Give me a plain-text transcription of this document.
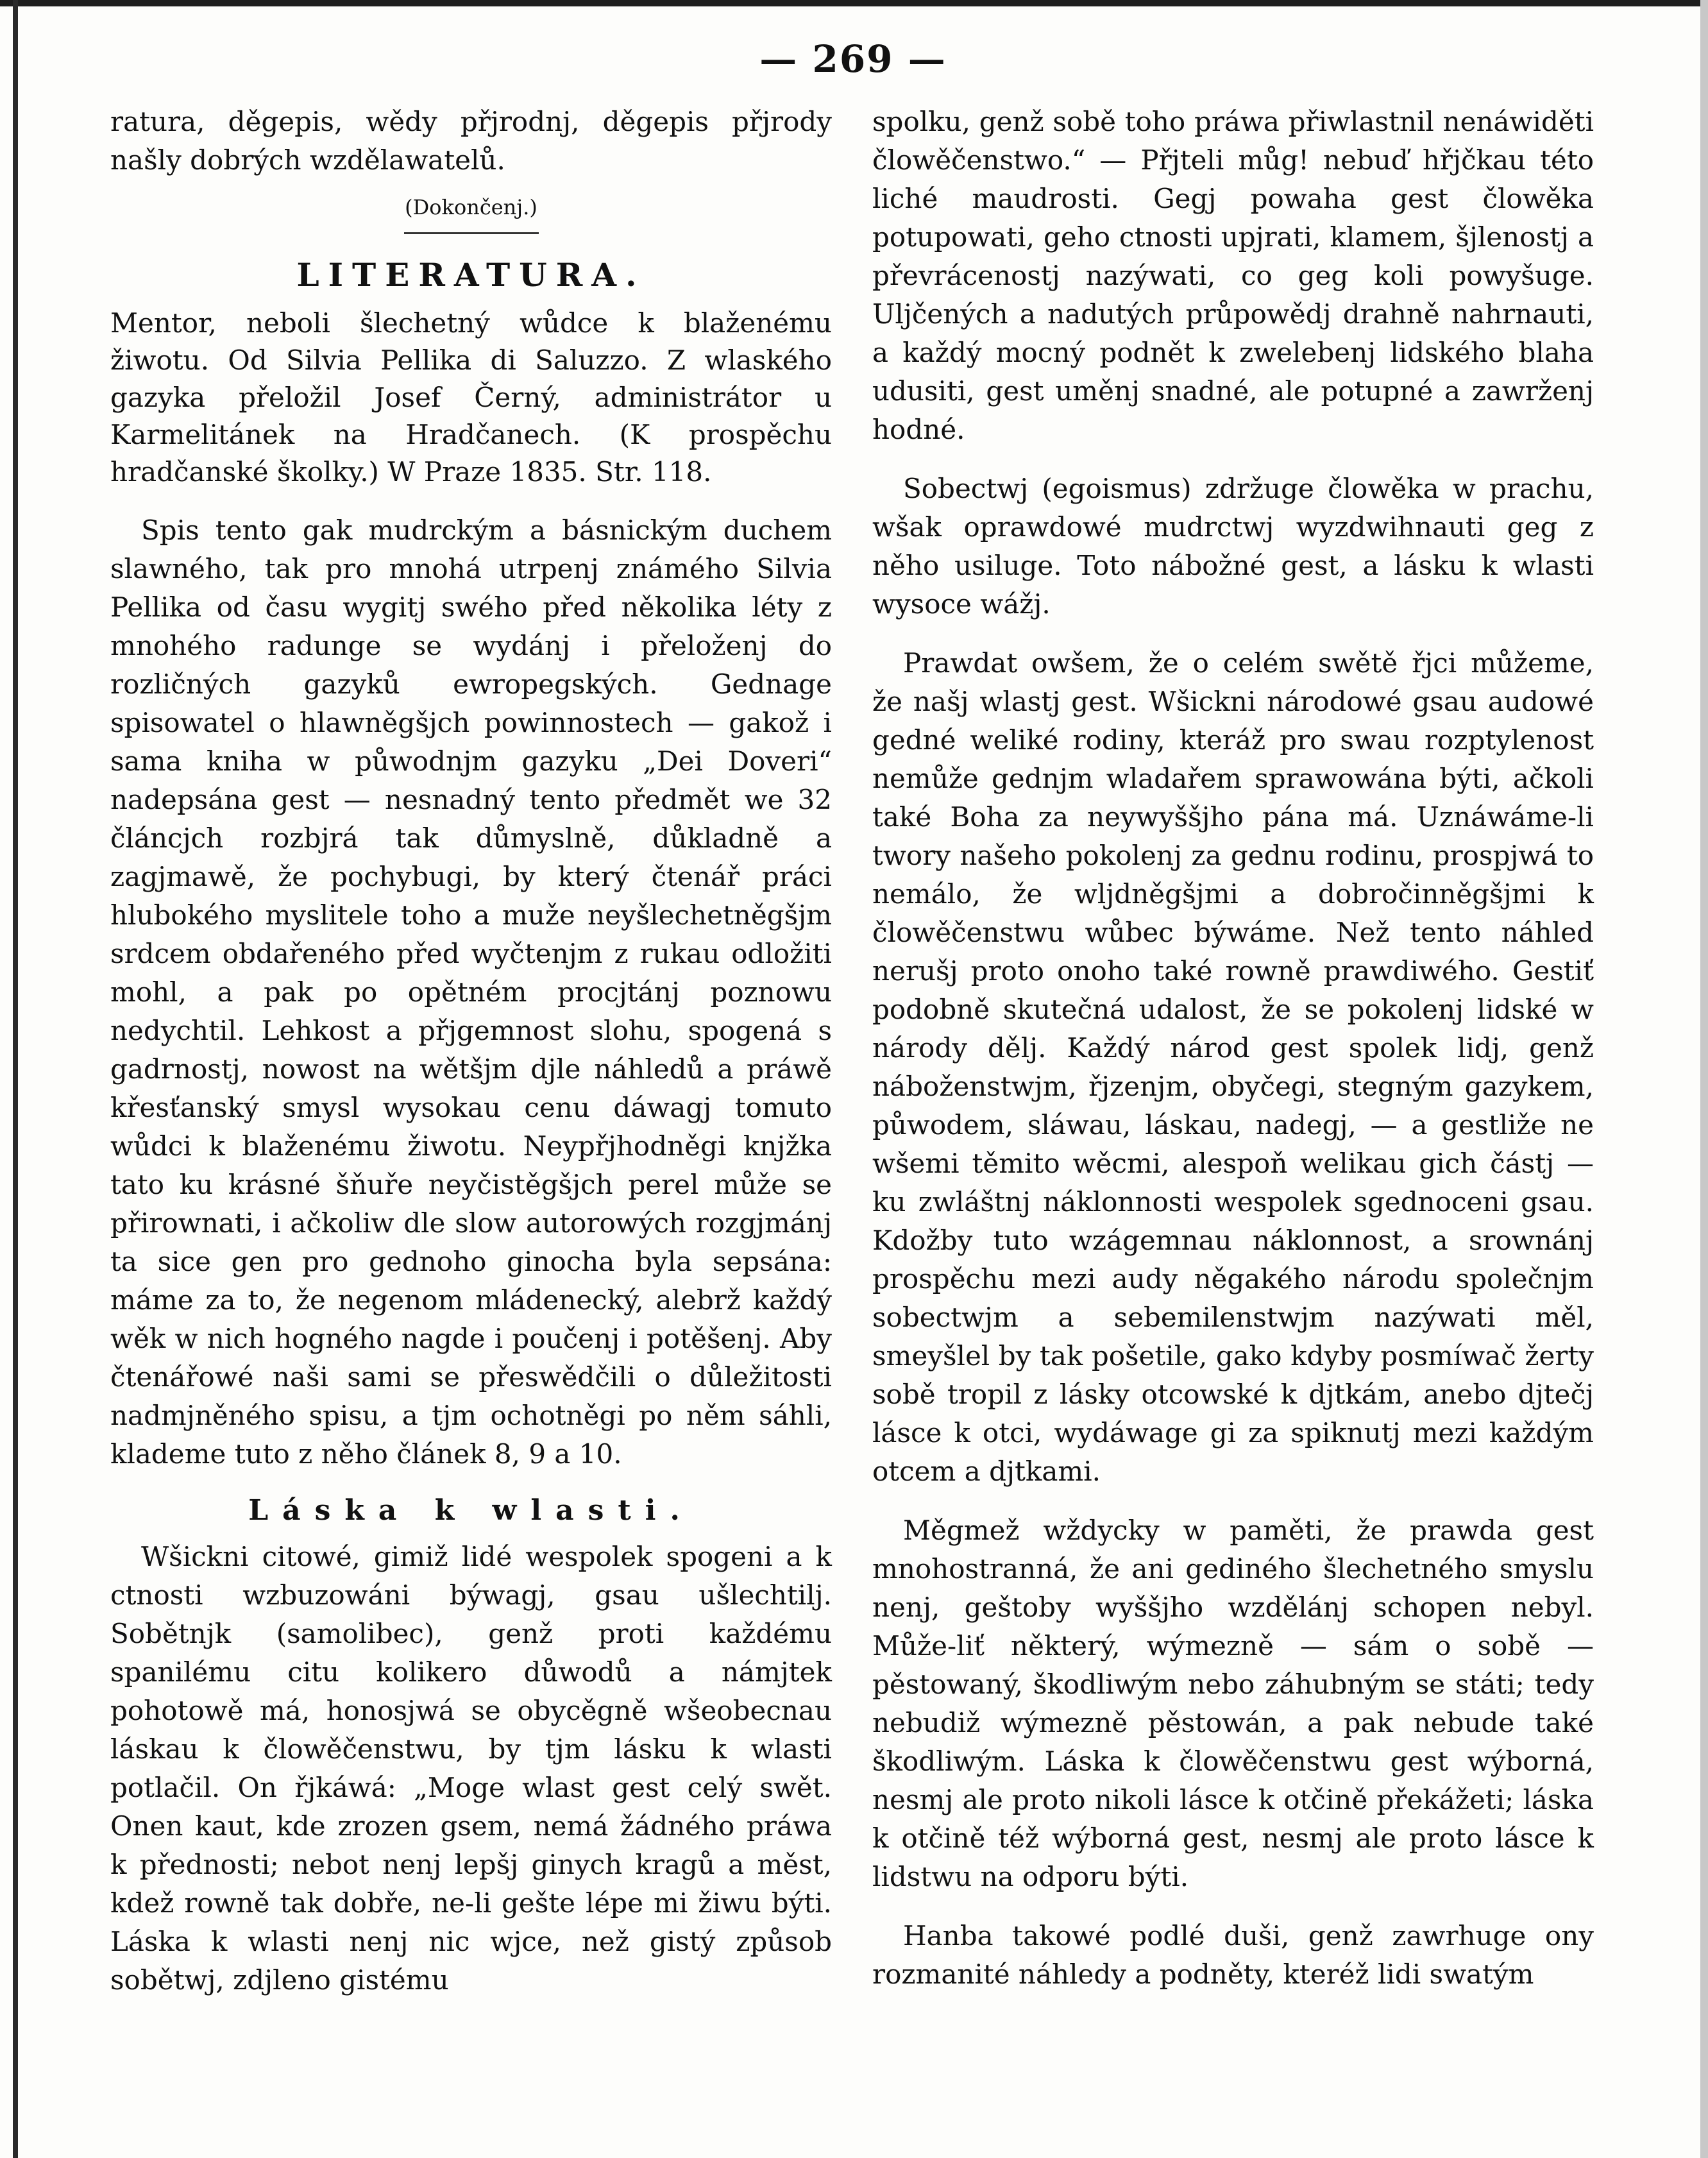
— 269 —

ratura, děgepis, wědy přjrodnj, děgepis přjrody našly dobrých wzdělawatelů.

(Dokončenj.)

LITERATURA.

Mentor, neboli šlechetný wůdce k blaženému žiwotu. Od Silvia Pellika di Saluzzo. Z wlaského gazyka přeložil Josef Černý, administrátor u Karmelitánek na Hradčanech. (K prospěchu hradčanské školky.) W Praze 1835. Str. 118.

Spis tento gak mudrckým a básnickým duchem slawného, tak pro mnohá utrpenj známého Silvia Pellika od času wygitj swého před několika léty z mnohého radunge se wydánj i přeloženj do rozličných gazyků ewropegských. Gednage spisowatel o hlawněgšjch powinnostech — gakož i sama kniha w půwodnjm gazyku „Dei Doveri“ nadepsána gest — nesnadný tento předmět we 32 článcjch rozbjrá tak důmyslně, důkladně a zagjmawě, že pochybugi, by který čtenář práci hlubokého myslitele toho a muže neyšlechetněgšjm srdcem obdařeného před wyčtenjm z rukau odložiti mohl, a pak po opětném procjtánj poznowu nedychtil. Lehkost a přjgemnost slohu, spogená s gadrnostj, nowost na wětšjm djle náhledů a práwě křesťanský smysl wysokau cenu dáwagj tomuto wůdci k blaženému žiwotu. Neypřjhodněgi knjžka tato ku krásné šňuře neyčistěgšjch perel může se přirownati, i ačkoliw dle slow autorowých rozgjmánj ta sice gen pro gednoho ginocha byla sepsána: máme za to, že negenom mládenecký, alebrž každý wěk w nich hogného nagde i poučenj i potěšenj. Aby čtenářowé naši sami se přeswědčili o důležitosti nadmjněného spisu, a tjm ochotněgi po něm sáhli, klademe tuto z něho článek 8, 9 a 10.

Láska k wlasti.

Wšickni citowé, gimiž lidé wespolek spogeni a k ctnosti wzbuzowáni býwagj, gsau ušlechtilj. Sobětnjk (samolibec), genž proti každému spanilému citu kolikero důwodů a námjtek pohotowě má, honosjwá se obycěgně wšeobecnau láskau k člowěčenstwu, by tjm lásku k wlasti potlačil. On řjkáwá: „Moge wlast gest celý swět. Onen kaut, kde zrozen gsem, nemá žádného práwa k přednosti; nebot nenj lepšj ginych kragů a měst, kdež rowně tak dobře, ne-li gešte lépe mi žiwu býti. Láska k wlasti nenj nic wjce, než gistý způsob sobětwj, zdjleno gistému

spolku, genž sobě toho práwa přiwlastnil nenáwiděti člowěčenstwo.“ — Přjteli můg! nebuď hřjčkau této liché maudrosti. Gegj powaha gest člowěka potupowati, geho ctnosti upjrati, klamem, šjlenostj a převrácenostj nazýwati, co geg koli powyšuge. Uljčených a nadutých průpowědj drahně nahrnauti, a každý mocný podnět k zwelebenj lidského blaha udusiti, gest uměnj snadné, ale potupné a zawrženj hodné.

Sobectwj (egoismus) zdržuge člowěka w prachu, wšak oprawdowé mudrctwj wyzdwihnauti geg z něho usiluge. Toto nábožné gest, a lásku k wlasti wysoce wážj.

Prawdat owšem, že o celém swětě řjci můžeme, že našj wlastj gest. Wšickni národowé gsau audowé gedné weliké rodiny, kteráž pro swau rozptylenost nemůže gednjm wladařem sprawowána býti, ačkoli také Boha za neywyššjho pána má. Uznáwáme-li twory našeho pokolenj za gednu rodinu, prospjwá to nemálo, že wljdněgšjmi a dobročinněgšjmi k člowěčenstwu wůbec býwáme. Než tento náhled nerušj proto onoho také rowně prawdiwého. Gestiť podobně skutečná udalost, že se pokolenj lidské w národy dělj. Každý národ gest spolek lidj, genž náboženstwjm, řjzenjm, obyčegi, stegným gazykem, půwodem, sláwau, láskau, nadegj, — a gestliže ne wšemi těmito wěcmi, alespoň welikau gich částj — ku zwláštnj náklonnosti wespolek sgednoceni gsau. Kdožby tuto wzágemnau náklonnost, a srownánj prospěchu mezi audy něgakého národu společnjm sobectwjm a sebemilenstwjm nazýwati měl, smeyšlel by tak pošetile, gako kdyby posmíwač žerty sobě tropil z lásky otcowské k djtkám, anebo djtečj lásce k otci, wydáwage gi za spiknutj mezi každým otcem a djtkami.

Měgmež wždycky w paměti, že prawda gest mnohostranná, že ani gediného šlechetného smyslu nenj, geštoby wyššjho wzdělánj schopen nebyl. Může-liť některý, wýmezně — sám o sobě — pěstowaný, škodliwým nebo záhubným se státi; tedy nebudiž wýmezně pěstowán, a pak nebude také škodliwým. Láska k člowěčenstwu gest wýborná, nesmj ale proto nikoli lásce k otčině překážeti; láska k otčině též wýborná gest, nesmj ale proto lásce k lidstwu na odporu býti.

Hanba takowé podlé duši, genž zawrhuge ony rozmanité náhledy a podněty, kteréž lidi swatým
